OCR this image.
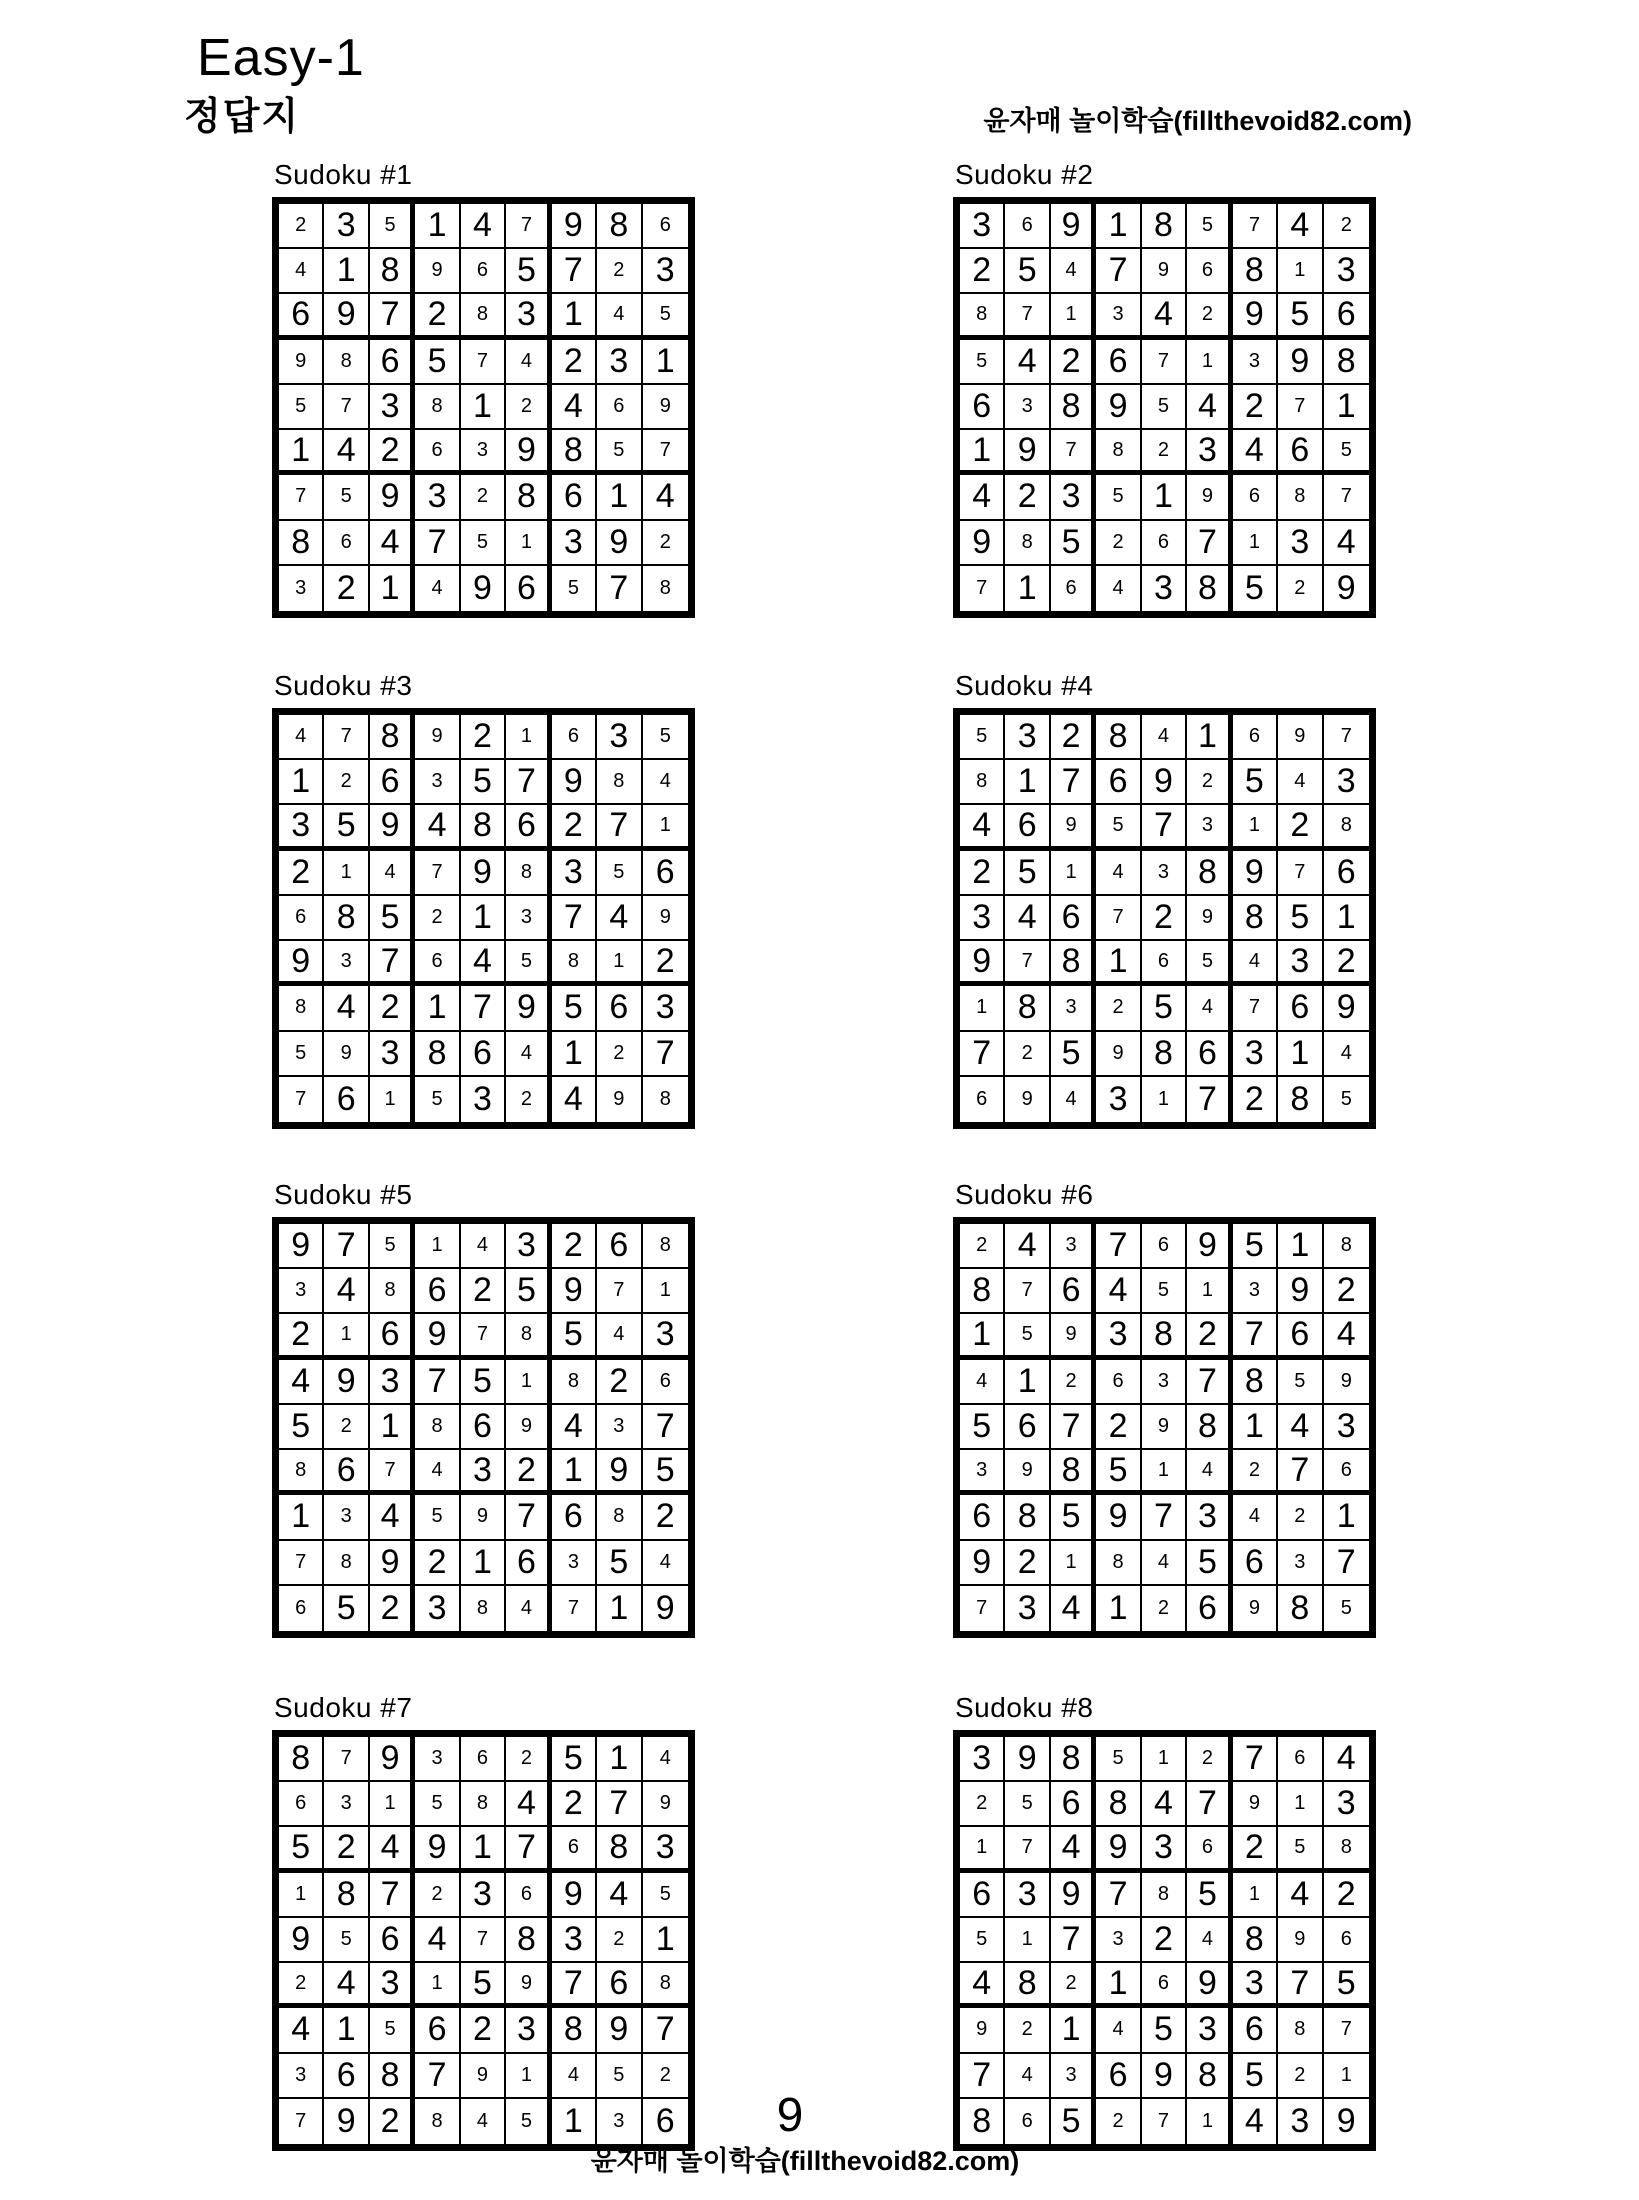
Easy-1
정답지	윤자매 놀이학습(fillthevoid82.com)
Sudoku #1
2 3	5 1 4	7 9 8	6
4 1 8	9	6 5 7	2 3
6 9 7 2	8 3 1	4	5
9	8 6 5	7	4 2 3 1
5	7 3	8 1	2 4	6	9
1 4 2	6	3 9 8	5	7
7	5 9 3	2 8 6 1 4
8	6 4 7	5	1 3 9	2
3 2 1	4 9 6	5 7	8
Sudoku #2
3	6 9 1 8	5	7 4	2
2 5	4 7	9	6 8	1 3
8	7	1	3 4	2 9 5 6
5 4 2 6	7	1	3 9 8
6	3 8 9	5 4 2	7 1
1 9	7	8	2 3 4 6	5
4 2 3	5 1	9	6	8	7
9	8 5	2	6 7	1 3 4
7 1	6	4 3 8 5	2 9
Sudoku #3
4	7 8	9 2	1	6 3	5
1	2 6	3 5 7 9	8	4
3 5 9 4 8 6 2 7	1
2	1	4	7 9	8 3	5 6
6 8 5	2 1	3 7 4	9
9	3 7	6 4	5	8	1 2
8 4 2 1 7 9 5 6 3
5	9 3 8 6	4 1	2 7
7 6	1	5 3	2 4	9	8
Sudoku #4
5 3 2 8	4 1	6	9	7
8 1 7 6 9	2 5	4 3
4 6	9	5 7	3	1 2	8
2 5	1	4	3 8 9	7 6
3 4 6	7 2	9 8 5 1
9	7 8 1	6	5	4 3 2
1 8	3	2 5	4	7 6 9
7	2 5	9 8 6 3 1	4
6	9	4 3	1 7 2 8	5
Sudoku #5
9 7	5	1	4 3 2 6	8
3 4	8 6 2 5 9	7	1
2	1 6 9	7	8 5	4 3
4 9 3 7 5	1	8 2	6
5	2 1	8 6	9 4	3 7
8 6	7	4 3 2 1 9 5
1	3 4	5	9 7 6	8 2
7	8 9 2 1 6	3 5	4
6 5 2 3	8	4	7 1 9
Sudoku #6
2 4	3 7	6 9 5 1	8
8	7 6 4	5	1	3 9 2
1	5	9 3 8 2 7 6 4
4 1	2	6	3 7 8	5	9
5 6 7 2	9 8 1 4 3
3	9 8 5	1	4	2 7	6
6 8 5 9 7 3	4	2 1
9 2	1	8	4 5 6	3 7
7 3 4 1	2 6	9 8	5
Sudoku #7
8	7 9	3	6	2 5 1	4
6	3	1	5	8 4 2 7	9
5 2 4 9 1 7	6 8 3
1 8 7	2 3	6 9 4	5
9	5 6 4	7 8 3	2 1
2 4 3	1 5	9 7 6	8
4 1	5 6 2 3 8 9 7
3 6 8 7	9	1	4	5	2
7 9 2	8	4	5 1	3 6
Sudoku #8
3 9 8	5	1	2 7	6 4
2	5 6 8 4 7	9	1 3
1	7 4 9 3	6 2	5	8
6 3 9 7	8 5	1 4 2
5	1 7	3 2	4 8	9	6
4 8	2 1	6 9 3 7 5
9	2 1	4 5 3 6	8	7
7	4	3 6 9 8 5	2	1
8	6 5	2	7	1 4 3 9
9
윤자매 놀이학습(fillthevoid82.com)
